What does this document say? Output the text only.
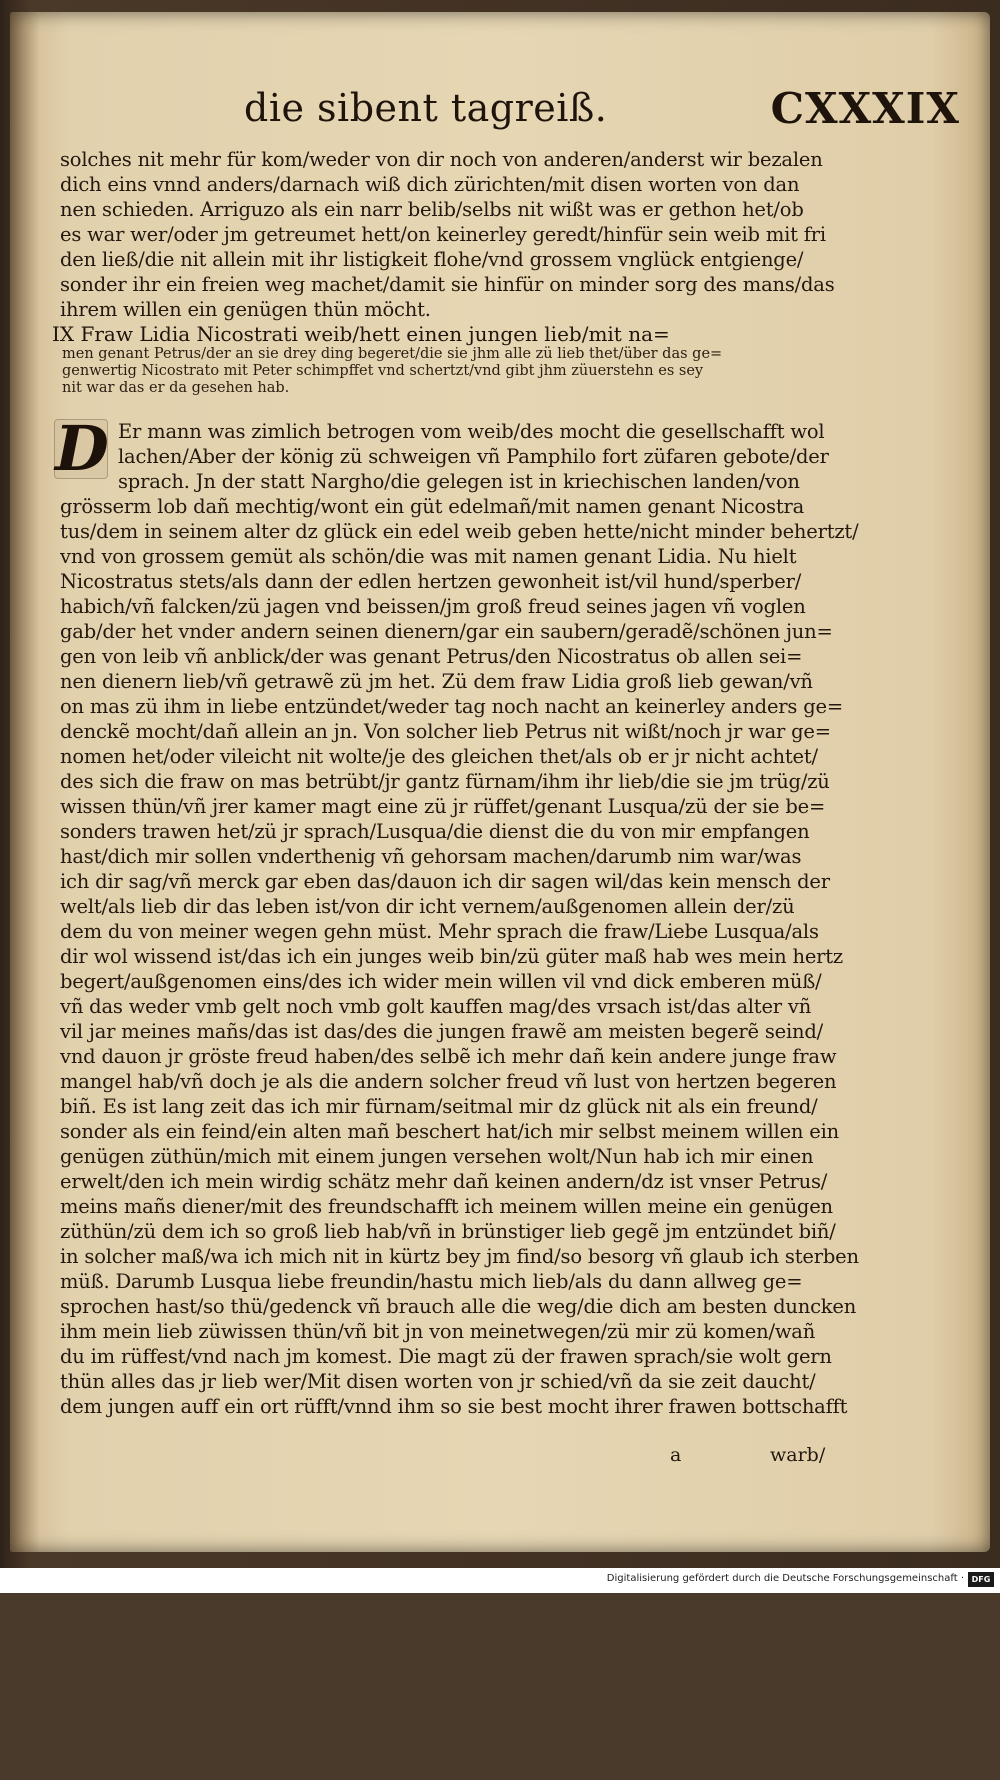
die sibent tagreiß.	CXXXIX
solches nit mehr für kom/weder von dir noch von anderen/anderst wir bezalen
dich eins vnnd anders/darnach wiß dich zürichten/mit disen worten von dan
nen schieden. Arriguzo als ein narr belib/selbs nit wißt was er gethon het/ob
es war wer/oder jm getreumet hett/on keinerley geredt/hinfür sein weib mit fri
den ließ/die nit allein mit ihr listigkeit flohe/vnd grossem vnglück entgienge/
sonder ihr ein freien weg machet/damit sie hinfür on minder sorg des mans/das
ihrem willen ein genügen thün möcht.
IX Fraw Lidia Nicostrati weib/hett einen jungen lieb/mit na=
men genant Petrus/der an sie drey ding begeret/die sie jhm alle zü lieb thet/über das ge=
genwertig Nicostrato mit Peter schimpffet vnd schertzt/vnd gibt jhm züuerstehn es sey
nit war das er da gesehen hab.
D Er mann was zimlich betrogen vom weib/des mocht die gesellschafft wol
lachen/Aber der könig zü schweigen vñ Pamphilo fort züfaren gebote/der
sprach. Jn der statt Nargho/die gelegen ist in kriechischen landen/von
grösserm lob dañ mechtig/wont ein güt edelmañ/mit namen genant Nicostra
tus/dem in seinem alter dz glück ein edel weib geben hette/nicht minder behertzt/
vnd von grossem gemüt als schön/die was mit namen genant Lidia. Nu hielt
Nicostratus stets/als dann der edlen hertzen gewonheit ist/vil hund/sperber/
habich/vñ falcken/zü jagen vnd beissen/jm groß freud seines jagen vñ voglen
gab/der het vnder andern seinen dienern/gar ein saubern/geradẽ/schönen jun=
gen von leib vñ anblick/der was genant Petrus/den Nicostratus ob allen sei=
nen dienern lieb/vñ getrawẽ zü jm het. Zü dem fraw Lidia groß lieb gewan/vñ
on mas zü ihm in liebe entzündet/weder tag noch nacht an keinerley anders ge=
denckẽ mocht/dañ allein an jn. Von solcher lieb Petrus nit wißt/noch jr war ge=
nomen het/oder vileicht nit wolte/je des gleichen thet/als ob er jr nicht achtet/
des sich die fraw on mas betrübt/jr gantz fürnam/ihm ihr lieb/die sie jm trüg/zü
wissen thün/vñ jrer kamer magt eine zü jr rüffet/genant Lusqua/zü der sie be=
sonders trawen het/zü jr sprach/Lusqua/die dienst die du von mir empfangen
hast/dich mir sollen vnderthenig vñ gehorsam machen/darumb nim war/was
ich dir sag/vñ merck gar eben das/dauon ich dir sagen wil/das kein mensch der
welt/als lieb dir das leben ist/von dir icht vernem/außgenomen allein der/zü
dem du von meiner wegen gehn müst. Mehr sprach die fraw/Liebe Lusqua/als
dir wol wissend ist/das ich ein junges weib bin/zü güter maß hab wes mein hertz
begert/außgenomen eins/des ich wider mein willen vil vnd dick emberen müß/
vñ das weder vmb gelt noch vmb golt kauffen mag/des vrsach ist/das alter vñ
vil jar meines mañs/das ist das/des die jungen frawẽ am meisten begerẽ seind/
vnd dauon jr gröste freud haben/des selbẽ ich mehr dañ kein andere junge fraw
mangel hab/vñ doch je als die andern solcher freud vñ lust von hertzen begeren
biñ. Es ist lang zeit das ich mir fürnam/seitmal mir dz glück nit als ein freund/
sonder als ein feind/ein alten mañ beschert hat/ich mir selbst meinem willen ein
genügen züthün/mich mit einem jungen versehen wolt/Nun hab ich mir einen
erwelt/den ich mein wirdig schätz mehr dañ keinen andern/dz ist vnser Petrus/
meins mañs diener/mit des freundschafft ich meinem willen meine ein genügen
züthün/zü dem ich so groß lieb hab/vñ in brünstiger lieb gegẽ jm entzündet biñ/
in solcher maß/wa ich mich nit in kürtz bey jm find/so besorg vñ glaub ich sterben
müß. Darumb Lusqua liebe freundin/hastu mich lieb/als du dann allweg ge=
sprochen hast/so thü/gedenck vñ brauch alle die weg/die dich am besten duncken
ihm mein lieb züwissen thün/vñ bit jn von meinetwegen/zü mir zü komen/wañ
du im rüffest/vnd nach jm komest. Die magt zü der frawen sprach/sie wolt gern
thün alles das jr lieb wer/Mit disen worten von jr schied/vñ da sie zeit daucht/
dem jungen auff ein ort rüfft/vnnd ihm so sie best mocht ihrer frawen bottschafft
a	warb/
Digitalisierung gefördert durch die Deutsche Forschungsgemeinschaft · DFG
